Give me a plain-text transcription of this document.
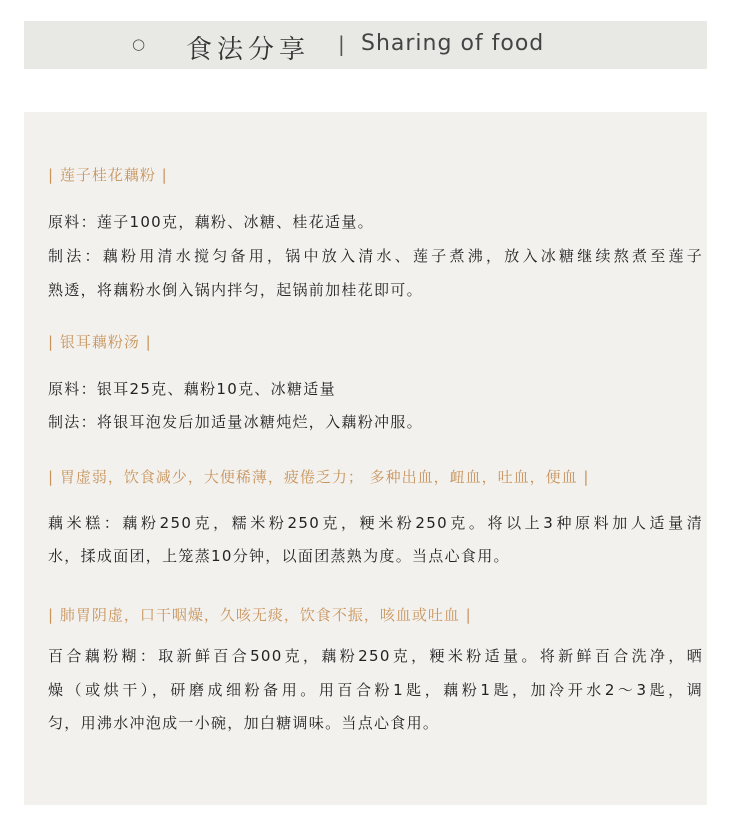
○ 食法分享 | Sharing of food
| 莲子桂花藕粉 |
原料：莲子100克，藕粉、冰糖、桂花适量。
制法：藕粉用清水搅匀备用，锅中放入清水、莲子煮沸，放入冰糖继续熬煮至莲子
熟透，将藕粉水倒入锅内拌匀，起锅前加桂花即可。
| 银耳藕粉汤 |
原料：银耳25克、藕粉10克、冰糖适量
制法：将银耳泡发后加适量冰糖炖烂，入藕粉冲服。
| 胃虚弱，饮食减少，大便稀薄，疲倦乏力； 多种出血，衄血，吐血，便血 |
藕米糕：藕粉250克，糯米粉250克，粳米粉250克。将以上3种原料加人适量清
水，揉成面团，上笼蒸10分钟，以面团蒸熟为度。当点心食用。
| 肺胃阴虚，口干咽燥，久咳无痰，饮食不振，咳血或吐血 |
百合藕粉糊：取新鲜百合500克，藕粉250克，粳米粉适量。将新鲜百合洗净，晒
燥（或烘干），研磨成细粉备用。用百合粉1匙，藕粉1匙，加冷开水2～3匙，调
匀，用沸水冲泡成一小碗，加白糖调味。当点心食用。
